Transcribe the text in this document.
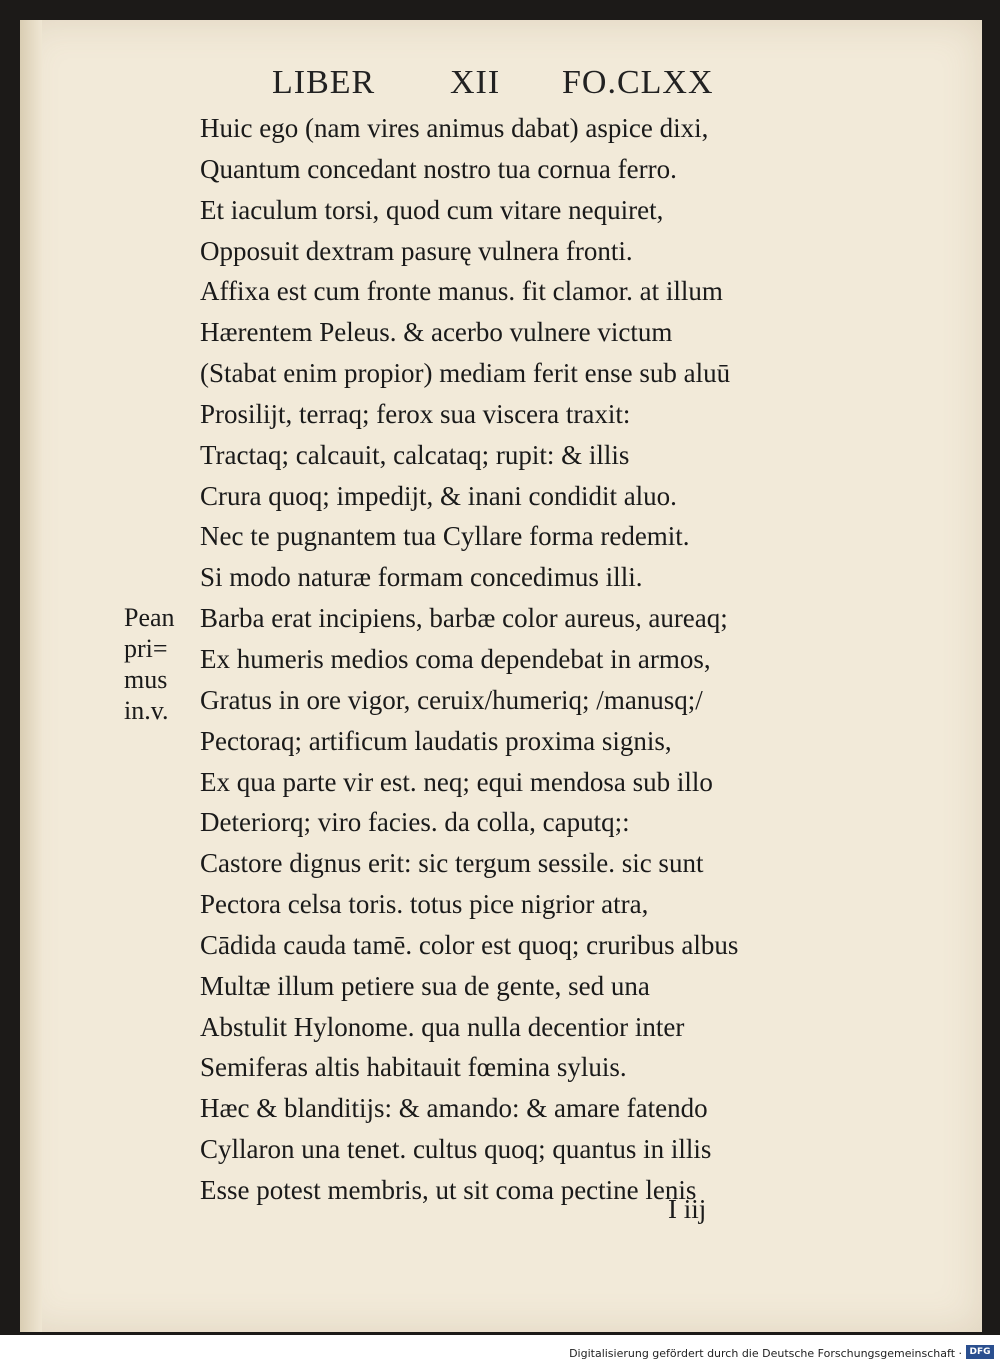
LIBER XII FO.CLXX
Huic ego (nam vires animus dabat) aspice dixi,
Quantum concedant nostro tua cornua ferro.
Et iaculum torsi, quod cum vitare nequiret,
Opposuit dextram pasurę vulnera fronti.
Affixa est cum fronte manus. fit clamor. at illum
Hærentem Peleus. & acerbo vulnere victum
(Stabat enim propior) mediam ferit ense sub aluū
Prosilijt, terraq; ferox sua viscera traxit:
Tractaq; calcauit, calcataq; rupit: & illis
Crura quoq; impedijt, & inani condidit aluo.
Nec te pugnantem tua Cyllare forma redemit.
Si modo naturæ formam concedimus illi.
Barba erat incipiens, barbæ color aureus, aureaq;
Ex humeris medios coma dependebat in armos,
Gratus in ore vigor, ceruix/humeriq; /manusq;/
Pectoraq; artificum laudatis proxima signis,
Ex qua parte vir est. neq; equi mendosa sub illo
Deteriorq; viro facies. da colla, caputq;:
Castore dignus erit: sic tergum sessile. sic sunt
Pectora celsa toris. totus pice nigrior atra,
Cādida cauda tamē. color est quoq; cruribus albus
Multæ illum petiere sua de gente, sed una
Abstulit Hylonome. qua nulla decentior inter
Semiferas altis habitauit fœmina syluis.
Hæc & blanditijs: & amando: & amare fatendo
Cyllaron una tenet. cultus quoq; quantus in illis
Esse potest membris, ut sit coma pectine lenis
Pean
pri=
mus
in.v.
I iij
Digitalisierung gefördert durch die Deutsche Forschungsgemeinschaft · DFG
